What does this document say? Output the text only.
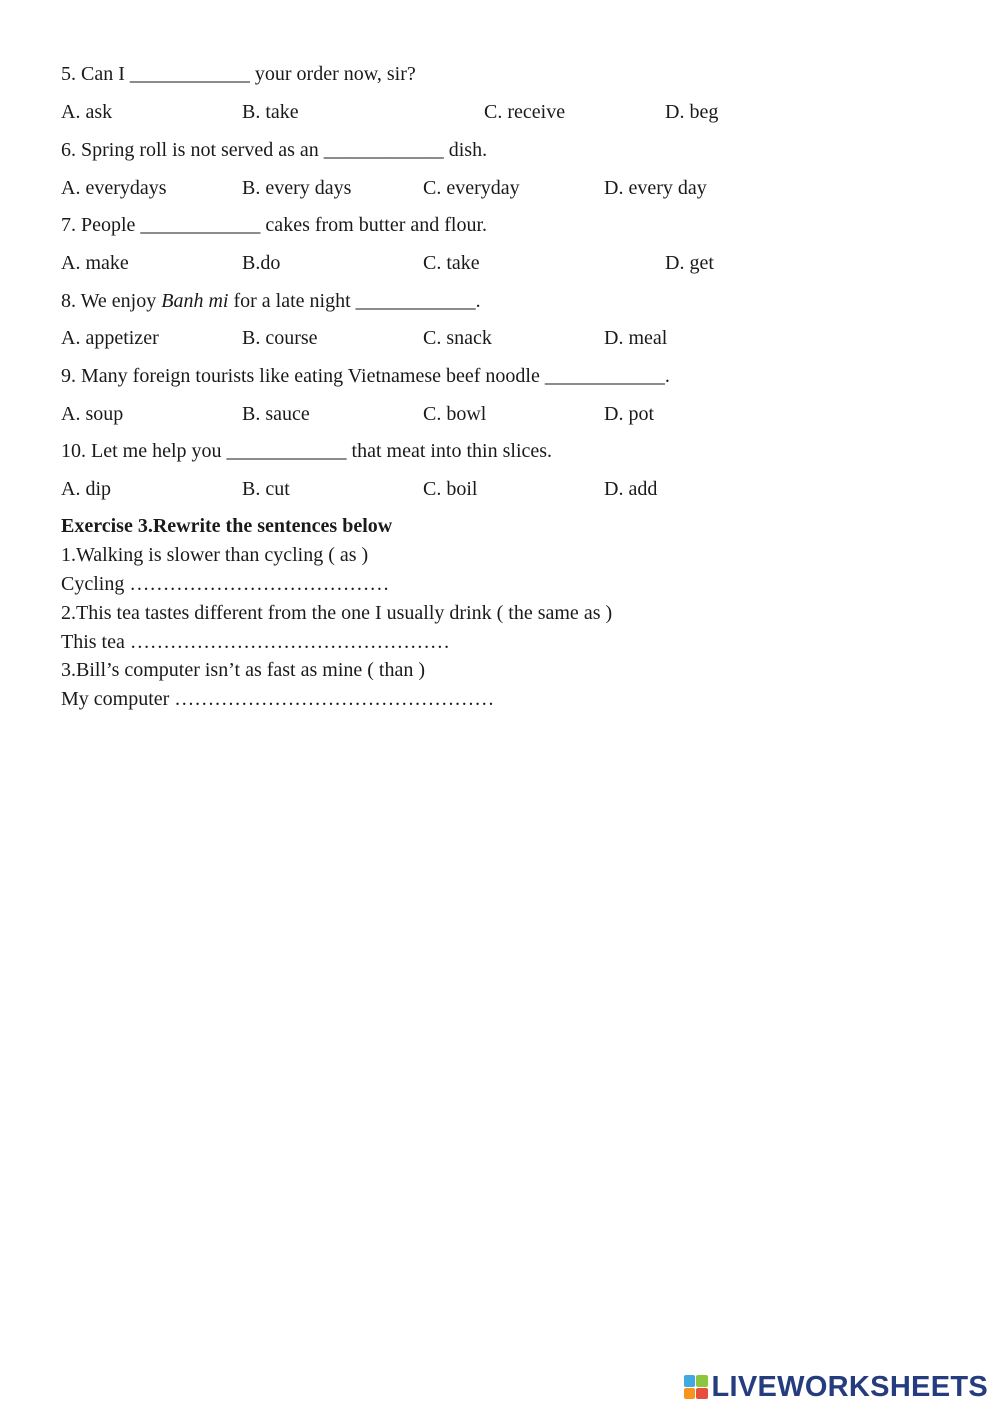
5. Can I ____________ your order now, sir?
A. ask	B. take	C. receive	D. beg
6. Spring roll is not served as an ____________ dish.
A. everydays	B. every days	C. everyday	D. every day
7. People ____________ cakes from butter and flour.
A. make	B.do	C. take	D. get
8. We enjoy Banh mi for a late night ____________.
A. appetizer	B. course	C. snack	D. meal
9. Many foreign tourists like eating Vietnamese beef noodle ____________.
A. soup	B. sauce	C. bowl	D. pot
10. Let me help you ____________ that meat into thin slices.
A. dip	B. cut	C. boil	D. add
Exercise 3.Rewrite the sentences below
1.Walking is slower than cycling ( as )
Cycling …………………………………
2.This tea tastes different from the one I usually drink ( the same as )
This tea …………………………………………
3.Bill’s computer isn’t as fast as mine ( than )
My computer …………………………………………
LIVEWORKSHEETS
